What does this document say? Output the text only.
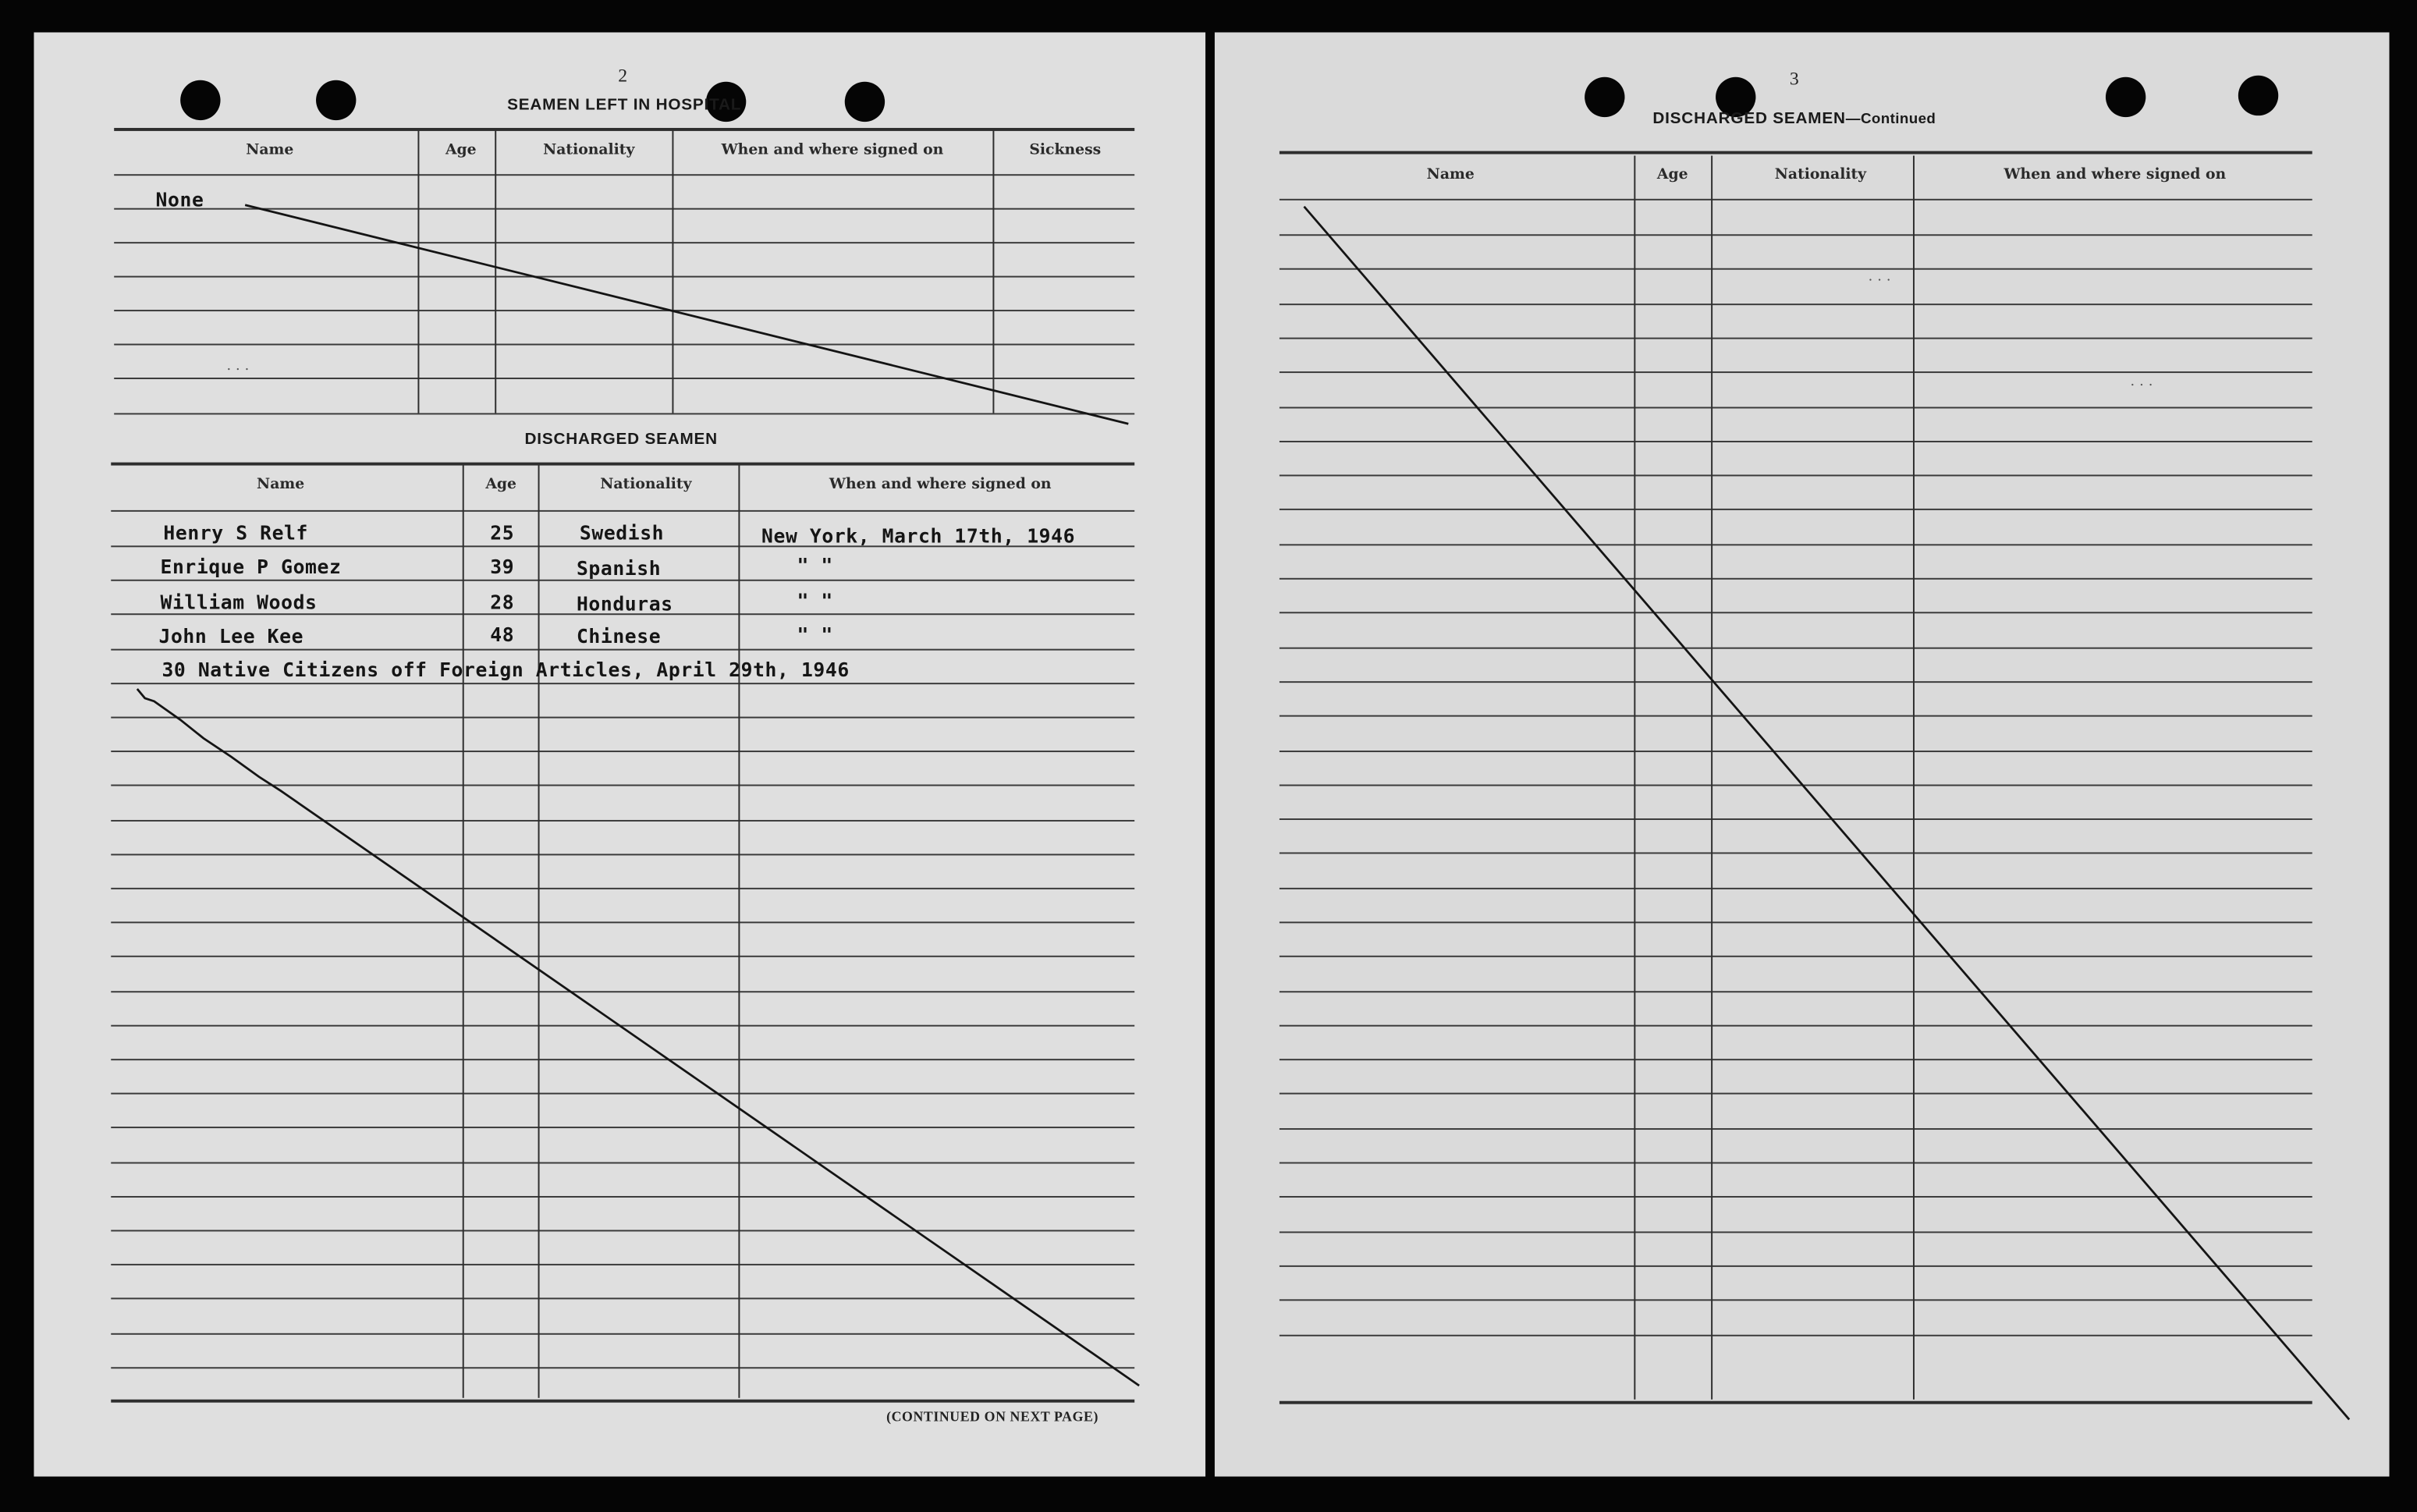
2
SEAMEN LEFT IN HOSPITAL
Name	Age	Nationality	When and where signed on	Sickness
None
...
DISCHARGED SEAMEN
Name	Age	Nationality	When and where signed on
Henry S Relf	25	Swedish	New York, March 17th, 1946
Enrique P Gomez	39	Spanish	" "
William Woods	28	Honduras	" "
John Lee Kee	48	Chinese	" "
30 Native Citizens off Foreign Articles, April 29th, 1946
(CONTINUED ON NEXT PAGE)
3
DISCHARGED SEAMEN—Continued
Name	Age	Nationality	When and where signed on
...
...
